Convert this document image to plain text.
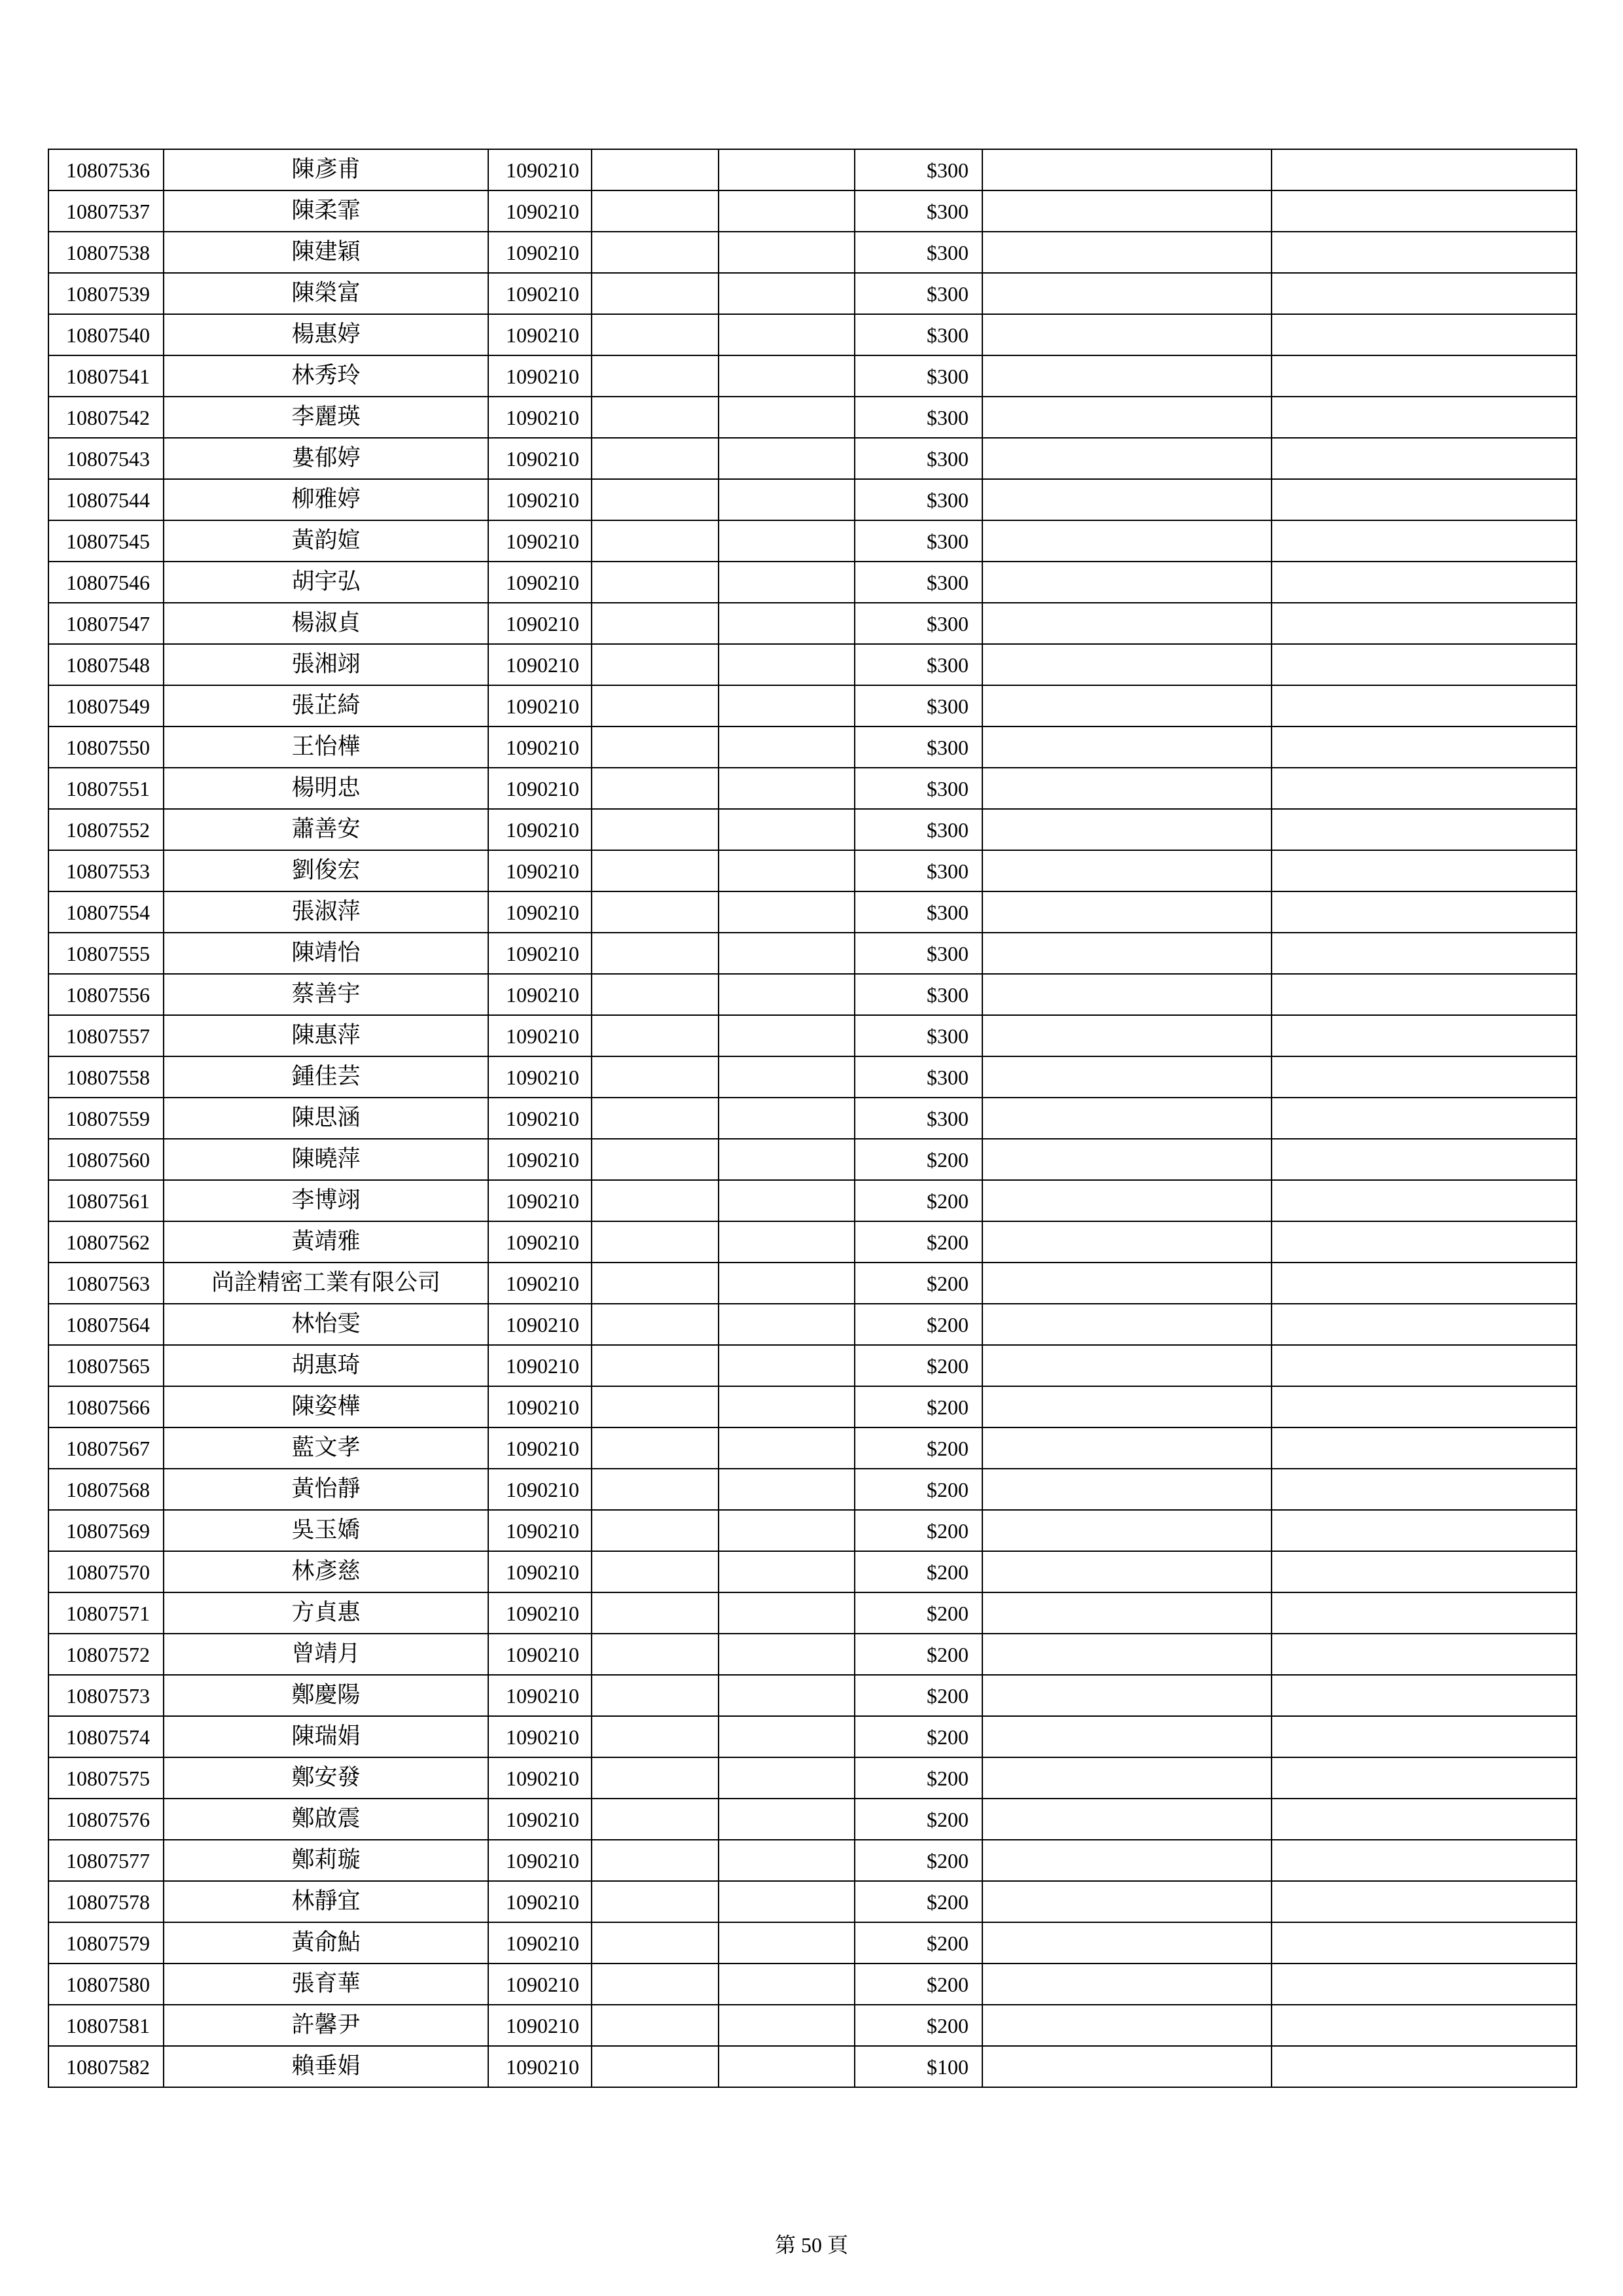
10807536	陳彥甫	1090210			$300		
10807537	陳柔霏	1090210			$300		
10807538	陳建穎	1090210			$300		
10807539	陳榮富	1090210			$300		
10807540	楊惠婷	1090210			$300		
10807541	林秀玲	1090210			$300		
10807542	李麗瑛	1090210			$300		
10807543	婁郁婷	1090210			$300		
10807544	柳雅婷	1090210			$300		
10807545	黃韵媗	1090210			$300		
10807546	胡宇弘	1090210			$300		
10807547	楊淑貞	1090210			$300		
10807548	張湘翊	1090210			$300		
10807549	張芷綺	1090210			$300		
10807550	王怡樺	1090210			$300		
10807551	楊明忠	1090210			$300		
10807552	蕭善安	1090210			$300		
10807553	劉俊宏	1090210			$300		
10807554	張淑萍	1090210			$300		
10807555	陳靖怡	1090210			$300		
10807556	蔡善宇	1090210			$300		
10807557	陳惠萍	1090210			$300		
10807558	鍾佳芸	1090210			$300		
10807559	陳思涵	1090210			$300		
10807560	陳曉萍	1090210			$200		
10807561	李博翊	1090210			$200		
10807562	黃靖雅	1090210			$200		
10807563	尚詮精密工業有限公司	1090210			$200		
10807564	林怡雯	1090210			$200		
10807565	胡惠琦	1090210			$200		
10807566	陳姿樺	1090210			$200		
10807567	藍文孝	1090210			$200		
10807568	黃怡靜	1090210			$200		
10807569	吳玉嬌	1090210			$200		
10807570	林彥慈	1090210			$200		
10807571	方貞惠	1090210			$200		
10807572	曾靖月	1090210			$200		
10807573	鄭慶陽	1090210			$200		
10807574	陳瑞娟	1090210			$200		
10807575	鄭安發	1090210			$200		
10807576	鄭啟震	1090210			$200		
10807577	鄭莉璇	1090210			$200		
10807578	林靜宜	1090210			$200		
10807579	黃俞鮎	1090210			$200		
10807580	張育華	1090210			$200		
10807581	許馨尹	1090210			$200		
10807582	賴垂娟	1090210			$100		
第 50 頁
